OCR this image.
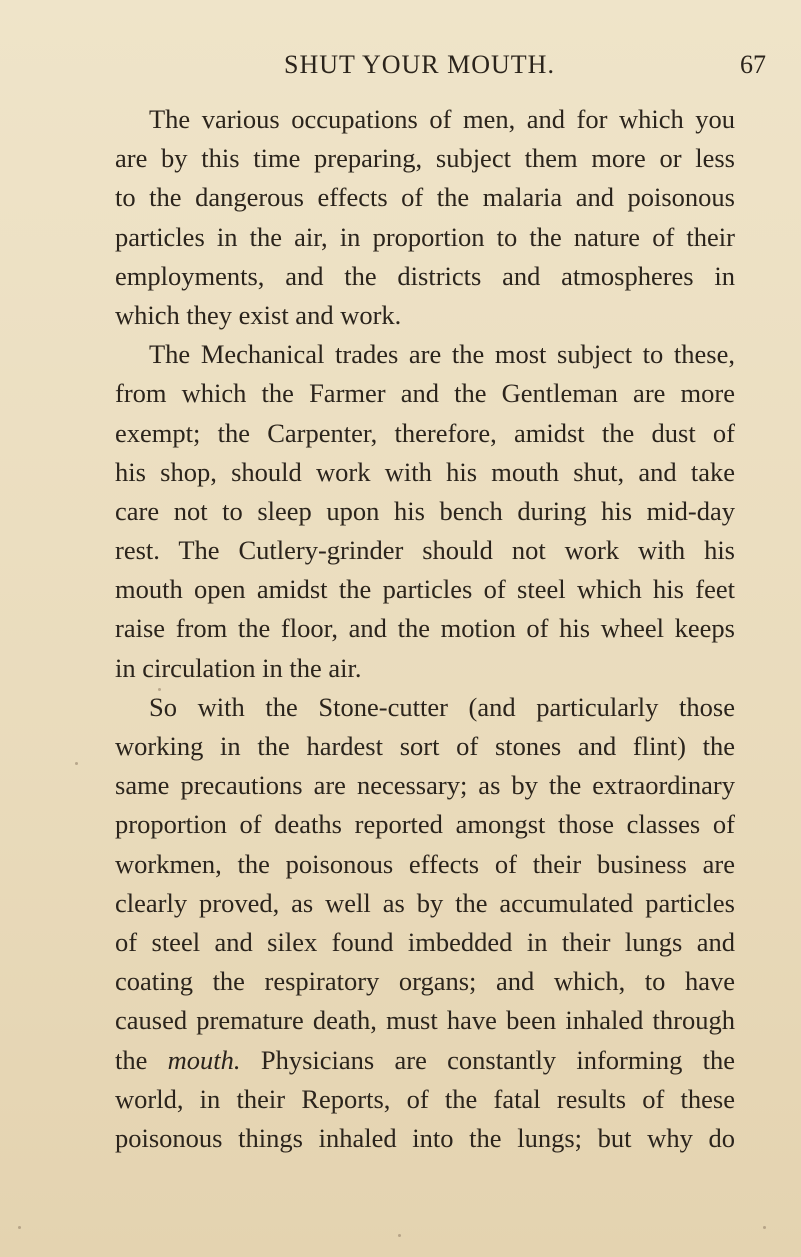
SHUT YOUR MOUTH.	67
The various occupations of men, and for which you
are by this time preparing, subject them more or less
to the dangerous effects of the malaria and poisonous
particles in the air, in proportion to the nature of their
employments, and the districts and atmospheres in
which they exist and work.
The Mechanical trades are the most subject to these,
from which the Farmer and the Gentleman are more
exempt; the Carpenter, therefore, amidst the dust of
his shop, should work with his mouth shut, and take
care not to sleep upon his bench during his mid-day
rest. The Cutlery-grinder should not work with his
mouth open amidst the particles of steel which his feet
raise from the floor, and the motion of his wheel keeps
in circulation in the air.
So with the Stone-cutter (and particularly those
working in the hardest sort of stones and flint) the
same precautions are necessary; as by the extraordinary
proportion of deaths reported amongst those classes of
workmen, the poisonous effects of their business are
clearly proved, as well as by the accumulated particles
of steel and silex found imbedded in their lungs and
coating the respiratory organs; and which, to have
caused premature death, must have been inhaled through
the mouth. Physicians are constantly informing the
world, in their Reports, of the fatal results of these
poisonous things inhaled into the lungs; but why do
